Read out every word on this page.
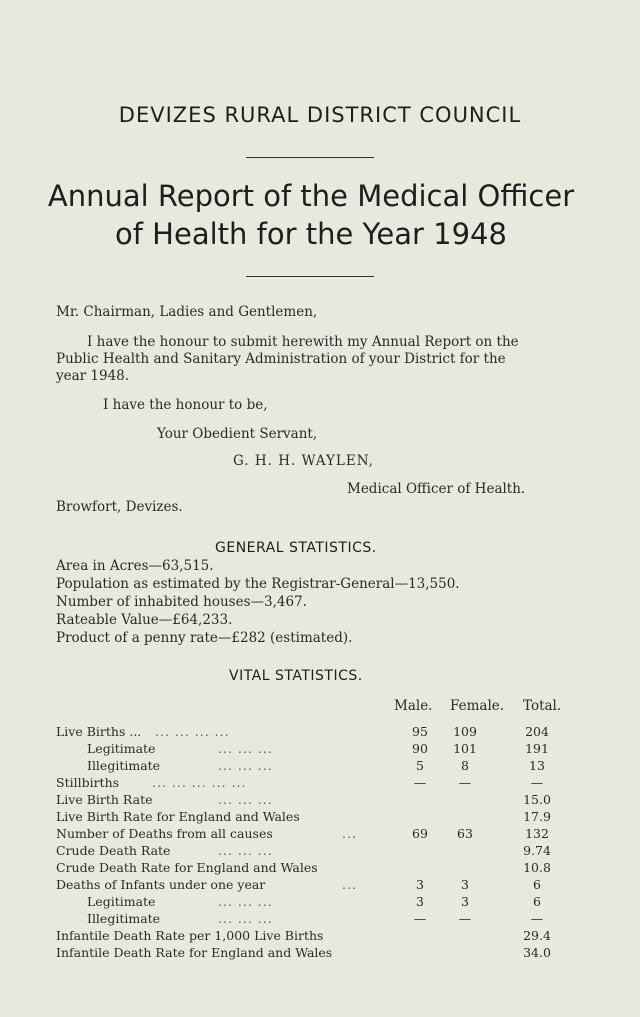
DEVIZES RURAL DISTRICT COUNCIL
Annual Report of the Medical Officer
of Health for the Year 1948
Mr. Chairman, Ladies and Gentlemen,
I have the honour to submit herewith my Annual Report on the
Public Health and Sanitary Administration of your District for the
year 1948.
I have the honour to be,
Your Obedient Servant,
G. H. H. WAYLEN,
Medical Officer of Health.
Browfort, Devizes.
GENERAL STATISTICS.
Area in Acres—63,515.
Population as estimated by the Registrar-General—13,550.
Number of inhabited houses—3,467.
Rateable Value—£64,233.
Product of a penny rate—£282 (estimated).
VITAL STATISTICS.
Male. Female. Total.
Live Births ... ... ... ... ...	95	109	204
Legitimate	... ... ...	90	101	191
Illegitimate	... ... ...	5	8	13
Stillbirths	... ... ... ... ...	—	—	—
Live Birth Rate	... ... ...	15.0
Live Birth Rate for England and Wales	17.9
Number of Deaths from all causes	...	69	63	132
Crude Death Rate	... ... ...	9.74
Crude Death Rate for England and Wales	10.8
Deaths of Infants under one year	...	3	3	6
Legitimate	... ... ...	3	3	6
Illegitimate	... ... ...	—	—	—
Infantile Death Rate per 1,000 Live Births	29.4
Infantile Death Rate for England and Wales	34.0
